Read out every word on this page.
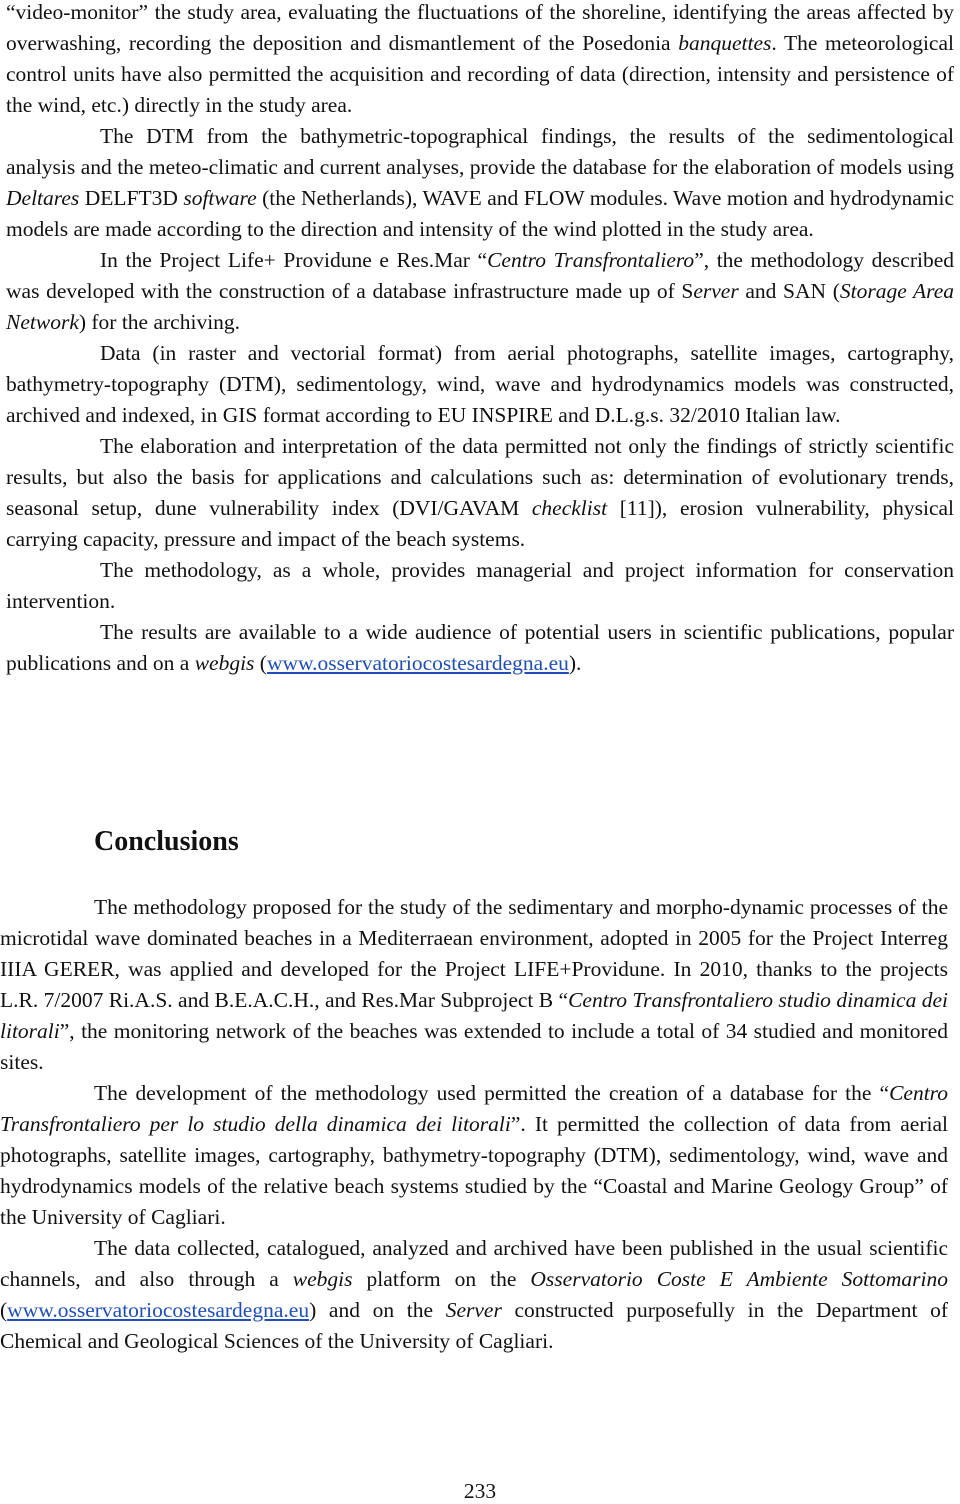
“video-monitor” the study area, evaluating the fluctuations of the shoreline, identifying the areas affected by overwashing, recording the deposition and dismantlement of the Posedonia banquettes. The meteorological control units have also permitted the acquisition and recording of data (direction, intensity and persistence of the wind, etc.) directly in the study area.

The DTM from the bathymetric-topographical findings, the results of the sedimentological analysis and the meteo-climatic and current analyses, provide the database for the elaboration of models using Deltares DELFT3D software (the Netherlands), WAVE and FLOW modules. Wave motion and hydrodynamic models are made according to the direction and intensity of the wind plotted in the study area.

In the Project Life+ Providune e Res.Mar “Centro Transfrontaliero”, the methodology described was developed with the construction of a database infrastructure made up of Server and SAN (Storage Area Network) for the archiving.

Data (in raster and vectorial format) from aerial photographs, satellite images, cartography, bathymetry-topography (DTM), sedimentology, wind, wave and hydrodynamics models was constructed, archived and indexed, in GIS format according to EU INSPIRE and D.L.g.s. 32/2010 Italian law.

The elaboration and interpretation of the data permitted not only the findings of strictly scientific results, but also the basis for applications and calculations such as: determination of evolutionary trends, seasonal setup, dune vulnerability index (DVI/GAVAM checklist [11]), erosion vulnerability, physical carrying capacity, pressure and impact of the beach systems.

The methodology, as a whole, provides managerial and project information for conservation intervention.

The results are available to a wide audience of potential users in scientific publications, popular publications and on a webgis (www.osservatoriocostesardegna.eu).

Conclusions

The methodology proposed for the study of the sedimentary and morpho-dynamic processes of the microtidal wave dominated beaches in a Mediterraean environment, adopted in 2005 for the Project Interreg IIIA GERER, was applied and developed for the Project LIFE+Providune. In 2010, thanks to the projects L.R. 7/2007 Ri.A.S. and B.E.A.C.H., and Res.Mar Subproject B “Centro Transfrontaliero studio dinamica dei litorali”, the monitoring network of the beaches was extended to include a total of 34 studied and monitored sites.

The development of the methodology used permitted the creation of a database for the “Centro Transfrontaliero per lo studio della dinamica dei litorali”. It permitted the collection of data from aerial photographs, satellite images, cartography, bathymetry-topography (DTM), sedimentology, wind, wave and hydrodynamics models of the relative beach systems studied by the “Coastal and Marine Geology Group” of the University of Cagliari.

The data collected, catalogued, analyzed and archived have been published in the usual scientific channels, and also through a webgis platform on the Osservatorio Coste E Ambiente Sottomarino (www.osservatoriocostesardegna.eu) and on the Server constructed purposefully in the Department of Chemical and Geological Sciences of the University of Cagliari.

233
